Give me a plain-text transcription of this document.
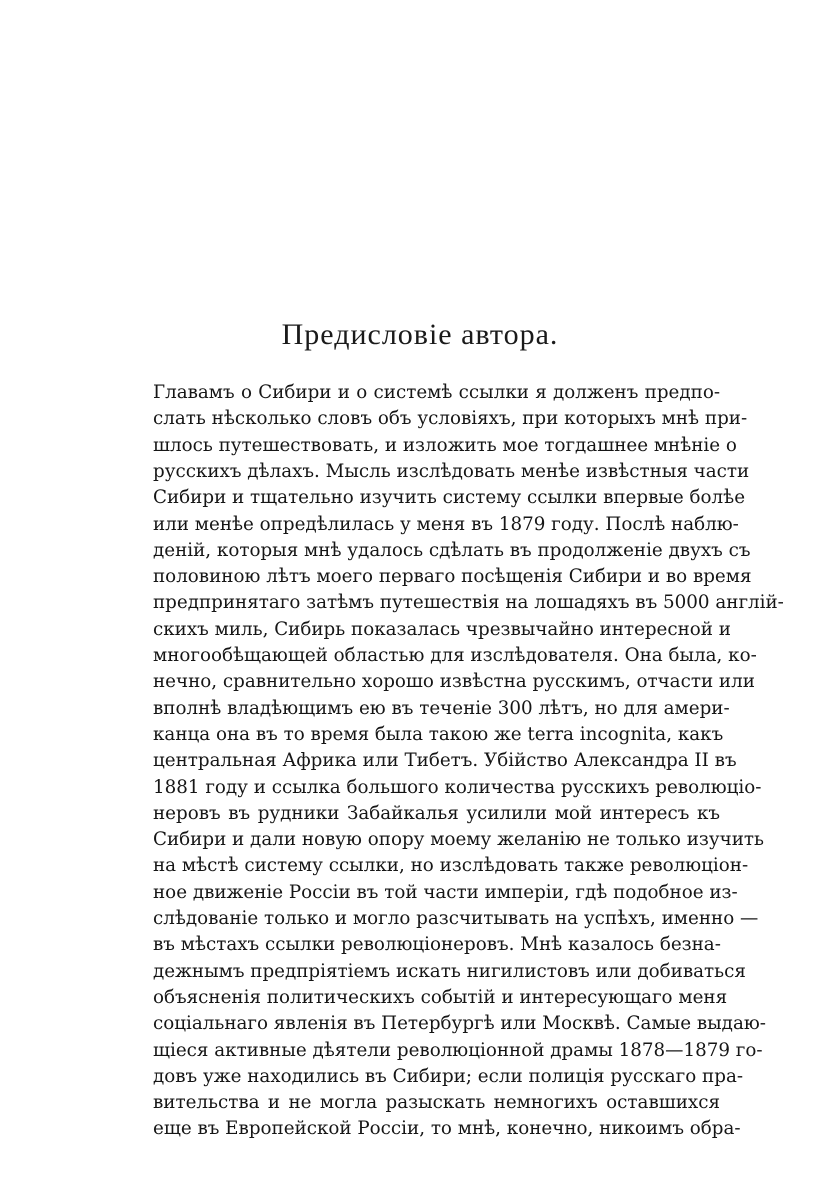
Предисловіе автора.
Главамъ о Сибири и о системѣ ссылки я долженъ предпо-
слать нѣсколько словъ объ условіяхъ, при которыхъ мнѣ при-
шлось путешествовать, и изложить мое тогдашнее мнѣніе о
русскихъ дѣлахъ. Мысль изслѣдовать менѣе извѣстныя части
Сибири и тщательно изучить систему ссылки впервые болѣе
или менѣе опредѣлилась у меня въ 1879 году. Послѣ наблю-
деній, которыя мнѣ удалось сдѣлать въ продолженіе двухъ съ
половиною лѣтъ моего перваго посѣщенія Сибири и во время
предпринятаго затѣмъ путешествія на лошадяхъ въ 5000 англій-
скихъ миль, Сибирь показалась чрезвычайно интересной и
многообѣщающей областью для изслѣдователя. Она была, ко-
нечно, сравнительно хорошо извѣстна русскимъ, отчасти или
вполнѣ владѣющимъ ею въ теченіе 300 лѣтъ, но для амери-
канца она въ то время была такою же terra incognita, какъ
центральная Африка или Тибетъ. Убійство Александра II въ
1881 году и ссылка большого количества русскихъ революціо-
неровъ въ рудники Забайкалья усилили мой интересъ къ
Сибири и дали новую опору моему желанію не только изучить
на мѣстѣ систему ссылки, но изслѣдовать также революціон-
ное движеніе Россіи въ той части имперіи, гдѣ подобное из-
слѣдованіе только и могло разсчитывать на успѣхъ, именно —
въ мѣстахъ ссылки революціонеровъ. Мнѣ казалось безна-
дежнымъ предпріятіемъ искать нигилистовъ или добиваться
объясненія политическихъ событій и интересующаго меня
соціальнаго явленія въ Петербургѣ или Москвѣ. Самые выдаю-
щіеся активные дѣятели революціонной драмы 1878—1879 го-
довъ уже находились въ Сибири; если полиція русскаго пра-
вительства и не могла разыскать немногихъ оставшихся
еще въ Европейской Россіи, то мнѣ, конечно, никоимъ обра-
